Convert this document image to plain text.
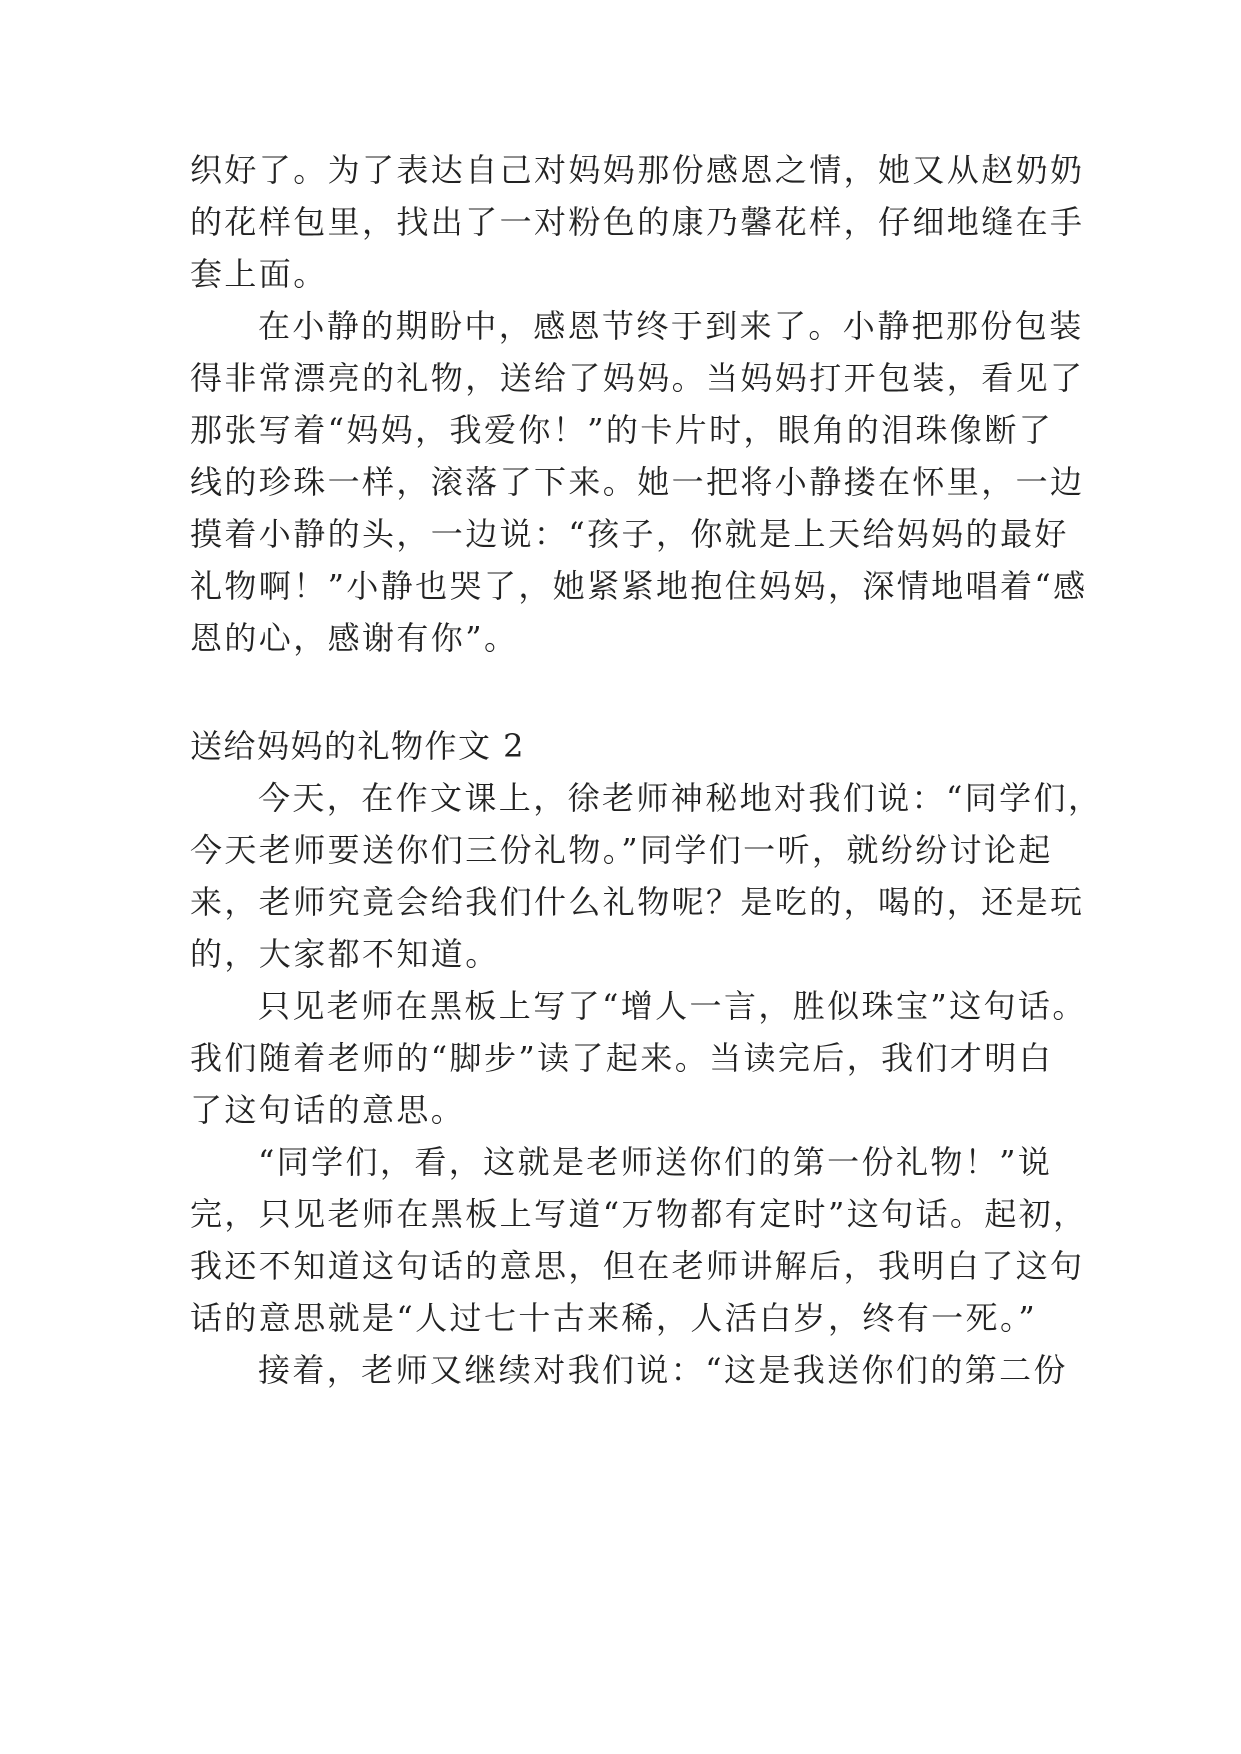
织好了。为了表达自己对妈妈那份感恩之情，她又从赵奶奶
的花样包里，找出了一对粉色的康乃馨花样，仔细地缝在手
套上面。
在小静的期盼中，感恩节终于到来了。小静把那份包装
得非常漂亮的礼物，送给了妈妈。当妈妈打开包装，看见了
那张写着“妈妈，我爱你！”的卡片时，眼角的泪珠像断了
线的珍珠一样，滚落了下来。她一把将小静搂在怀里，一边
摸着小静的头，一边说：“孩子，你就是上天给妈妈的最好
礼物啊！”小静也哭了，她紧紧地抱住妈妈，深情地唱着“感
恩的心，感谢有你”。
送给妈妈的礼物作文 2
今天，在作文课上，徐老师神秘地对我们说：“同学们，
今天老师要送你们三份礼物。”同学们一听，就纷纷讨论起
来，老师究竟会给我们什么礼物呢？是吃的，喝的，还是玩
的，大家都不知道。
只见老师在黑板上写了“增人一言，胜似珠宝”这句话。
我们随着老师的“脚步”读了起来。当读完后，我们才明白
了这句话的意思。
“同学们，看，这就是老师送你们的第一份礼物！”说
完，只见老师在黑板上写道“万物都有定时”这句话。起初，
我还不知道这句话的意思，但在老师讲解后，我明白了这句
话的意思就是“人过七十古来稀，人活白岁，终有一死。”
接着，老师又继续对我们说：“这是我送你们的第二份
